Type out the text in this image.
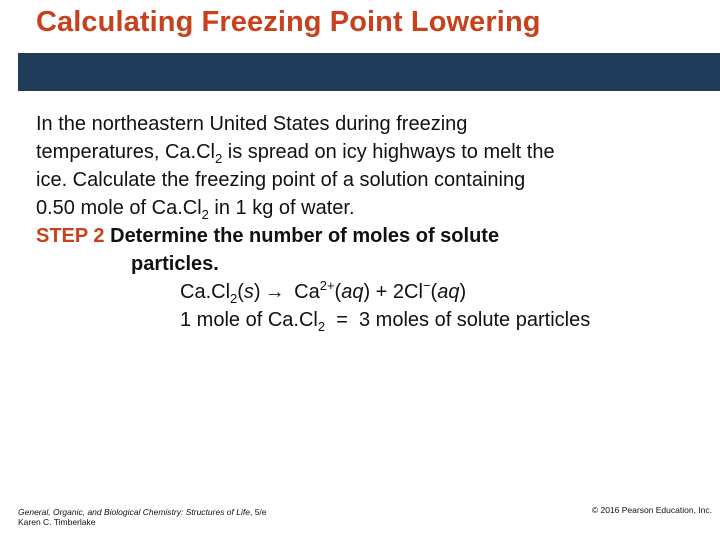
Calculating Freezing Point Lowering

In the northeastern United States during freezing

temperatures, $Ca.Cl_2$ is spread on icy highways to melt the

ice. Calculate the freezing point of a solution containing

0.50 mole of $Ca.Cl_2$ in 1 kg of water.

STEP 2 Determine the number of moles of solute

particles.

$Ca.Cl_2(s) \to Ca^{2+}(aq) + 2Cl^-(aq)$

1 mole of $Ca.Cl_2 = 3$ moles of solute particles

General, Organic, and Biological Chemistry: Structures of Life, 5/e
Karen C. Timberlake
© 2016 Pearson Education, Inc.
